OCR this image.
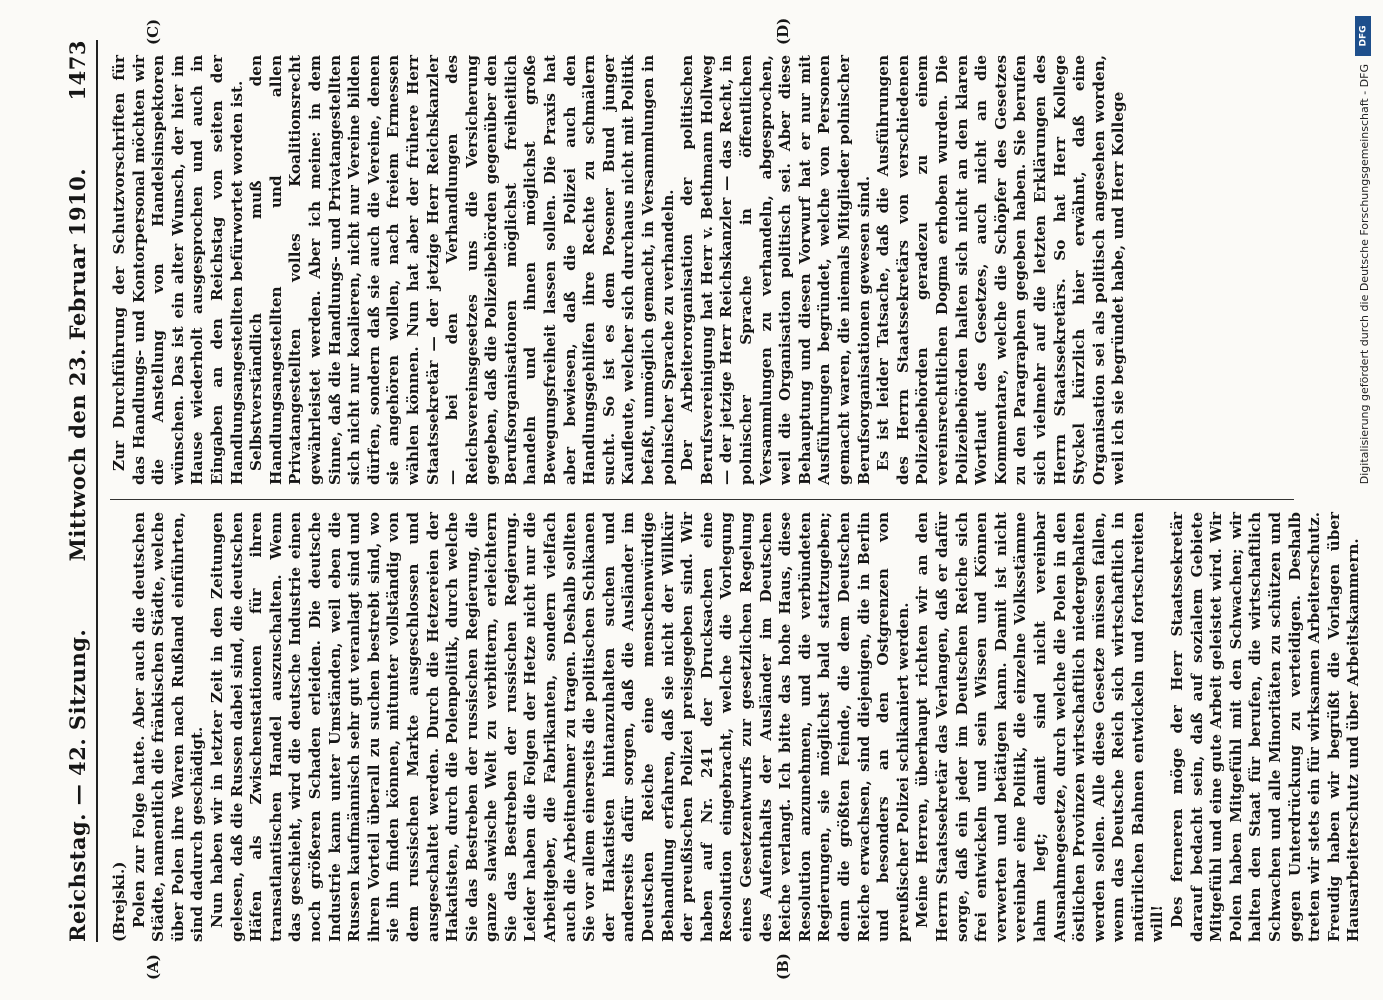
Reichstag. — 42. Sitzung.
Mittwoch den 23. Februar 1910.
1473
(A)	(B)
(C)	(D)

(Brejski.) Polen zur Folge hatte. Aber auch die deutschen Städte, namentlich die fränkischen Städte, welche über Polen ihre Waren nach Rußland einführten, sind dadurch geschädigt. Nun haben wir in letzter Zeit in den Zeitungen gelesen, daß die Russen dabei sind, die deutschen Häfen als Zwischenstationen für ihren transatlantischen Handel auszuschalten. Wenn das geschieht, wird die deutsche Industrie einen noch größeren Schaden erleiden. Die deutsche Industrie kann unter Umständen, weil eben die Russen kaufmännisch sehr gut veranlagt sind und ihren Vorteil überall zu suchen bestrebt sind, wo sie ihn finden können, mitunter vollständig von dem russischen Markte ausgeschlossen und ausgeschaltet werden. Durch die Hetzereien der Hakatisten, durch die Polenpolitik, durch welche Sie das Bestreben der russischen Regierung, die ganze slawische Welt zu verbittern, erleichtern Sie das Bestreben der russischen Regierung. Leider haben die Folgen der Hetze nicht nur die Arbeitgeber, die Fabrikanten, sondern vielfach auch die Arbeitnehmer zu tragen. Deshalb sollten Sie vor allem einerseits die politischen Schikanen der Hakatisten hintanzuhalten suchen und anderseits dafür sorgen, daß die Ausländer im Deutschen Reiche eine menschenwürdige Behandlung erfahren, daß sie nicht der Willkür der preußischen Polizei preisgegeben sind. Wir haben auf Nr. 241 der Drucksachen eine Resolution eingebracht, welche die Vorlegung eines Gesetzentwurfs zur gesetzlichen Regelung des Aufenthalts der Ausländer im Deutschen Reiche verlangt. Ich bitte das hohe Haus, diese Resolution anzunehmen, und die verbündeten Regierungen, sie möglichst bald stattzugeben; denn die größten Feinde, die dem Deutschen Reiche erwachsen, sind diejenigen, die in Berlin und besonders an den Ostgrenzen von preußischer Polizei schikaniert werden. Meine Herren, überhaupt richten wir an den Herrn Staatssekretär das Verlangen, daß er dafür sorge, daß ein jeder im Deutschen Reiche sich frei entwickeln und sein Wissen und Können verwerten und betätigen kann. Damit ist nicht vereinbar eine Politik, die einzelne Volksstämme lahm legt; damit sind nicht vereinbar Ausnahmegesetze, durch welche die Polen in den östlichen Provinzen wirtschaftlich niedergehalten werden sollen. Alle diese Gesetze müssen fallen, wenn das Deutsche Reich sich wirtschaftlich in natürlichen Bahnen entwickeln und fortschreiten will! Des ferneren möge der Herr Staatssekretär darauf bedacht sein, daß auf sozialem Gebiete Mitgefühl und eine gute Arbeit geleistet wird. Wir Polen haben Mitgefühl mit den Schwachen; wir halten den Staat für berufen, die wirtschaftlich Schwachen und alle Minoritäten zu schützen und gegen Unterdrückung zu verteidigen. Deshalb treten wir stets ein für wirksamen Arbeiterschutz. Freudig haben wir begrüßt die Vorlagen über Hausarbeiterschutz und über Arbeitskammern.

Zur Durchführung der Schutzvorschriften für das Handlungs- und Kontorpersonal möchten wir die Anstellung von Handelsinspektoren wünschen. Das ist ein alter Wunsch, der hier im Hause wiederholt ausgesprochen und auch in Eingaben an den Reichstag von seiten der Handlungsangestellten befürwortet worden ist. Selbstverständlich muß den Handlungsangestellten und allen Privatangestellten volles Koalitionsrecht gewährleistet werden. Aber ich meine: in dem Sinne, daß die Handlungs- und Privatangestellten sich nicht nur koalieren, nicht nur Vereine bilden dürfen, sondern daß sie auch die Vereine, denen sie angehören wollen, nach freiem Ermessen wählen können. Nun hat aber der frühere Herr Staatssekretär — der jetzige Herr Reichskanzler — bei den Verhandlungen des Reichsvereinsgesetzes uns die Versicherung gegeben, daß die Polizeibehörden gegenüber den Berufsorganisationen möglichst freiheitlich handeln und ihnen möglichst große Bewegungsfreiheit lassen sollen. Die Praxis hat aber bewiesen, daß die Polizei auch den Handlungsgehilfen ihre Rechte zu schmälern sucht. So ist es dem Posener Bund junger Kaufleute, welcher sich durchaus nicht mit Politik befaßt, unmöglich gemacht, in Versammlungen in polnischer Sprache zu verhandeln. Der Arbeiterorganisation der politischen Berufsvereinigung hat Herr v. Bethmann Hollweg — der jetzige Herr Reichskanzler — das Recht, in polnischer Sprache in öffentlichen Versammlungen zu verhandeln, abgesprochen, weil die Organisation politisch sei. Aber diese Behauptung und diesen Vorwurf hat er nur mit Ausführungen begründet, welche von Personen gemacht waren, die niemals Mitglieder polnischer Berufsorganisationen gewesen sind. Es ist leider Tatsache, daß die Ausführungen des Herrn Staatssekretärs von verschiedenen Polizeibehörden geradezu zu einem vereinsrechtlichen Dogma erhoben wurden. Die Polizeibehörden halten sich nicht an den klaren Wortlaut des Gesetzes, auch nicht an die Kommentare, welche die Schöpfer des Gesetzes zu den Paragraphen gegeben haben. Sie berufen sich vielmehr auf die letzten Erklärungen des Herrn Staatssekretärs. So hat Herr Kollege Styckel kürzlich hier erwähnt, daß eine Organisation sei als politisch angesehen worden, weil ich sie begründet habe, und Herr Kollege

DFG
Digitalisierung gefördert durch die Deutsche Forschungsgemeinschaft - DFG
